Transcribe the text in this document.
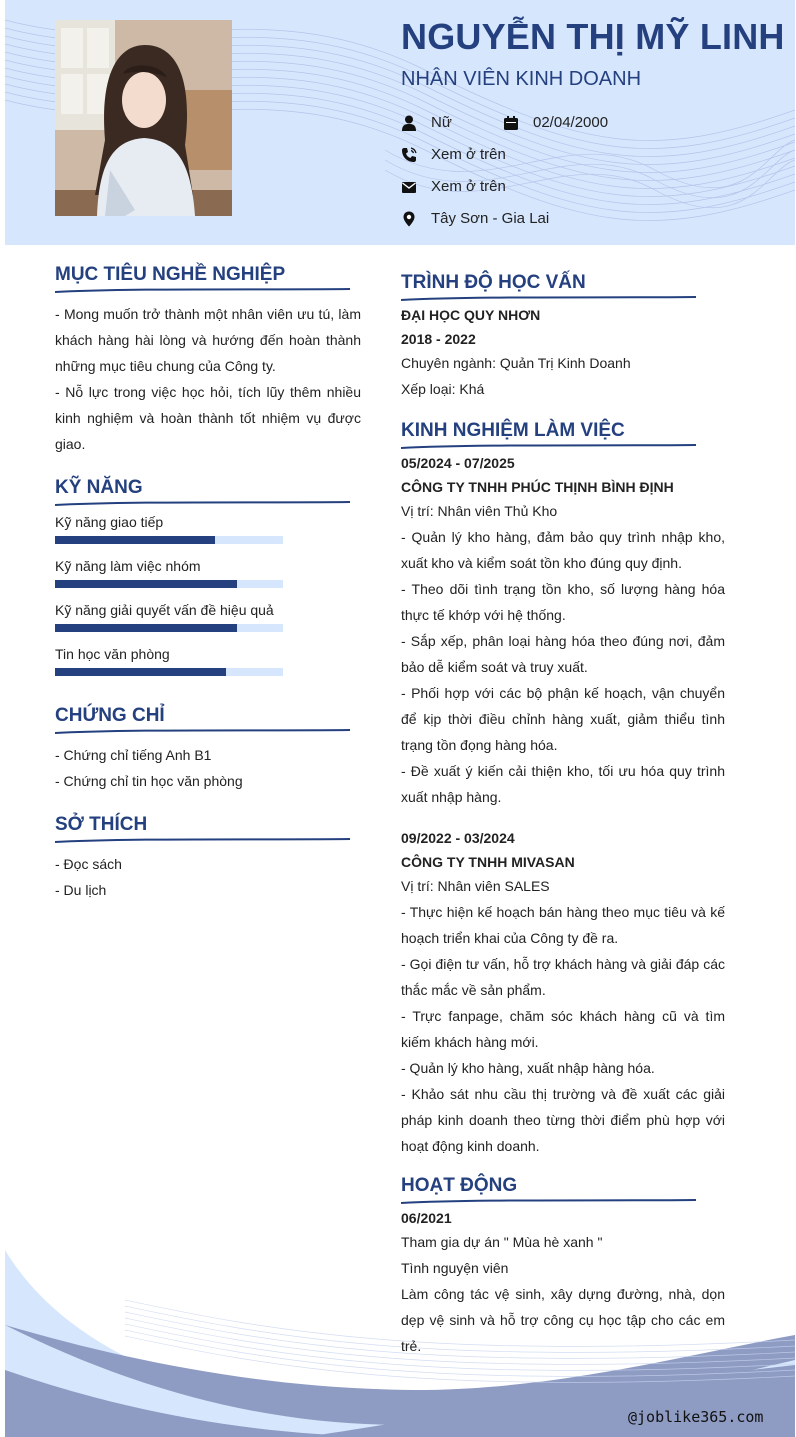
NGUYỄN THỊ MỸ LINH
NHÂN VIÊN KINH DOANH
Nữ	02/04/2000
Xem ở trên
Xem ở trên
Tây Sơn - Gia Lai
MỤC TIÊU NGHỀ NGHIỆP

- Mong muốn trở thành một nhân viên ưu tú, làm khách hàng hài lòng và hướng đến hoàn thành những mục tiêu chung của Công ty.

- Nỗ lực trong việc học hỏi, tích lũy thêm nhiều kinh nghiệm và hoàn thành tốt nhiệm vụ được giao.

KỸ NĂNG
Kỹ năng giao tiếp
Kỹ năng làm việc nhóm
Kỹ năng giải quyết vấn đề hiệu quả
Tin học văn phòng
CHỨNG CHỈ

- Chứng chỉ tiếng Anh B1

- Chứng chỉ tin học văn phòng

SỞ THÍCH

- Đọc sách

- Du lịch

TRÌNH ĐỘ HỌC VẤN

ĐẠI HỌC QUY NHƠN

2018 - 2022

Chuyên ngành: Quản Trị Kinh Doanh

Xếp loại: Khá

KINH NGHIỆM LÀM VIỆC

05/2024 - 07/2025

CÔNG TY TNHH PHÚC THỊNH BÌNH ĐỊNH

Vị trí: Nhân viên Thủ Kho

- Quản lý kho hàng, đảm bảo quy trình nhập kho, xuất kho và kiểm soát tồn kho đúng quy định.

- Theo dõi tình trạng tồn kho, số lượng hàng hóa thực tế khớp với hệ thống.

- Sắp xếp, phân loại hàng hóa theo đúng nơi, đảm bảo dễ kiểm soát và truy xuất.

- Phối hợp với các bộ phận kế hoạch, vận chuyển để kịp thời điều chỉnh hàng xuất, giảm thiểu tình trạng tồn đọng hàng hóa.

- Đề xuất ý kiến cải thiện kho, tối ưu hóa quy trình xuất nhập hàng.

09/2022 - 03/2024

CÔNG TY TNHH MIVASAN

Vị trí: Nhân viên SALES

- Thực hiện kế hoạch bán hàng theo mục tiêu và kế hoạch triển khai của Công ty đề ra.

- Gọi điện tư vấn, hỗ trợ khách hàng và giải đáp các thắc mắc về sản phẩm.

- Trực fanpage, chăm sóc khách hàng cũ và tìm kiếm khách hàng mới.

- Quản lý kho hàng, xuất nhập hàng hóa.

- Khảo sát nhu cầu thị trường và đề xuất các giải pháp kinh doanh theo từng thời điểm phù hợp với hoạt động kinh doanh.

@joblike365.com
HOẠT ĐỘNG

06/2021

Tham gia dự án " Mùa hè xanh "

Tình nguyện viên

Làm công tác vệ sinh, xây dựng đường, nhà, dọn dẹp vệ sinh và hỗ trợ công cụ học tập cho các em trẻ.
